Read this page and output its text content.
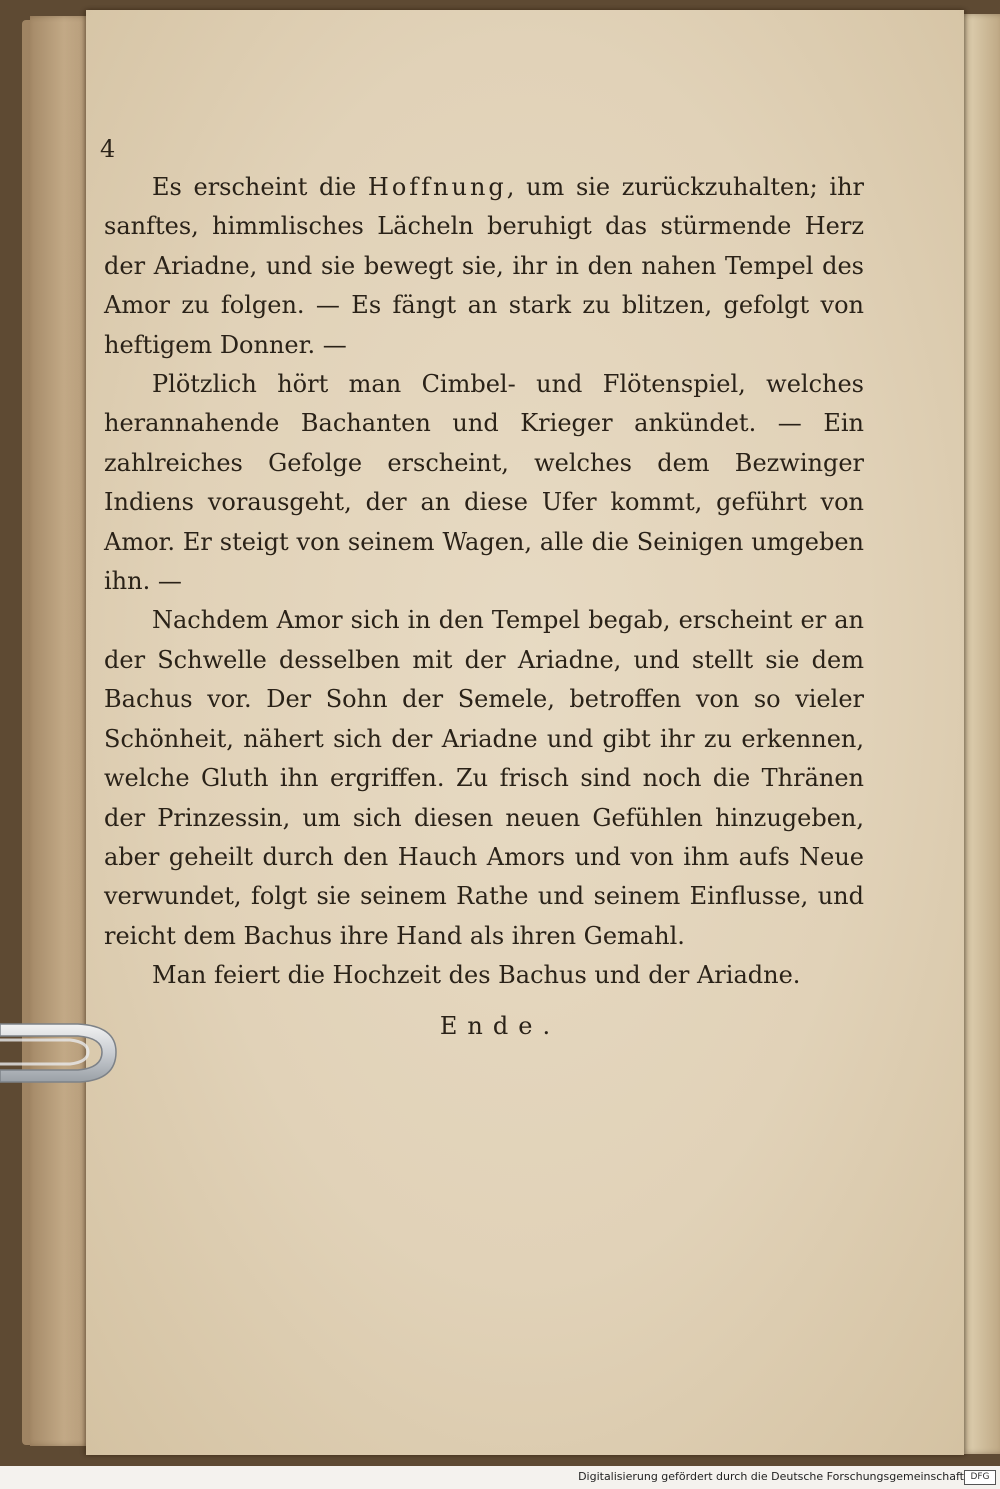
4

Es erscheint die Hoffnung, um sie zurückzuhalten; ihr sanftes, himmlisches Lächeln beruhigt das stürmende Herz der Ariadne, und sie bewegt sie, ihr in den nahen Tempel des Amor zu folgen. — Es fängt an stark zu blitzen, gefolgt von heftigem Donner. —

Plötzlich hört man Cimbel- und Flötenspiel, welches herannahende Bachanten und Krieger ankündet. — Ein zahlreiches Gefolge erscheint, welches dem Bezwinger Indiens vorausgeht, der an diese Ufer kommt, geführt von Amor. Er steigt von seinem Wagen, alle die Seinigen umgeben ihn. —

Nachdem Amor sich in den Tempel begab, erscheint er an der Schwelle desselben mit der Ariadne, und stellt sie dem Bachus vor. Der Sohn der Semele, betroffen von so vieler Schönheit, nähert sich der Ariadne und gibt ihr zu erkennen, welche Gluth ihn ergriffen. Zu frisch sind noch die Thränen der Prinzessin, um sich diesen neuen Gefühlen hinzugeben, aber geheilt durch den Hauch Amors und von ihm aufs Neue verwundet, folgt sie seinem Rathe und seinem Einflusse, und reicht dem Bachus ihre Hand als ihren Gemahl.

Man feiert die Hochzeit des Bachus und der Ariadne.

Ende.
Digitalisierung gefördert durch die Deutsche Forschungsgemeinschaft DFG
